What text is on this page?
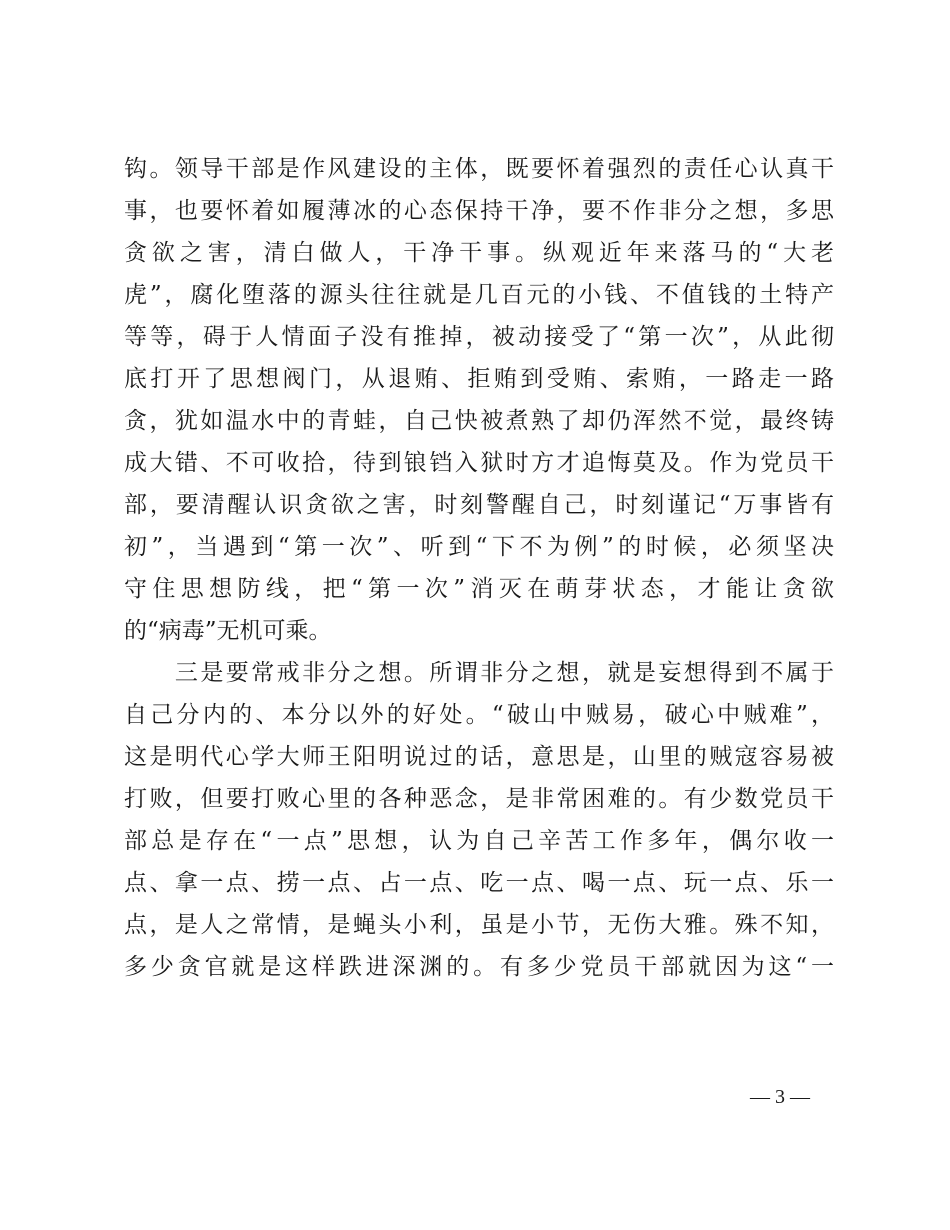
钩。领导干部是作风建设的主体，既要怀着强烈的责任心认真干
事，也要怀着如履薄冰的心态保持干净，要不作非分之想，多思
贪欲之害，清白做人，干净干事。纵观近年来落马的“大老
虎”，腐化堕落的源头往往就是几百元的小钱、不值钱的土特产
等等，碍于人情面子没有推掉，被动接受了“第一次”，从此彻
底打开了思想阀门，从退贿、拒贿到受贿、索贿，一路走一路
贪，犹如温水中的青蛙，自己快被煮熟了却仍浑然不觉，最终铸
成大错、不可收拾，待到锒铛入狱时方才追悔莫及。作为党员干
部，要清醒认识贪欲之害，时刻警醒自己，时刻谨记“万事皆有
初”，当遇到“第一次”、听到“下不为例”的时候，必须坚决
守住思想防线，把“第一次”消灭在萌芽状态，才能让贪欲
的“病毒”无机可乘。
　　三是要常戒非分之想。所谓非分之想，就是妄想得到不属于
自己分内的、本分以外的好处。“破山中贼易，破心中贼难”，
这是明代心学大师王阳明说过的话，意思是，山里的贼寇容易被
打败，但要打败心里的各种恶念，是非常困难的。有少数党员干
部总是存在“一点”思想，认为自己辛苦工作多年，偶尔收一
点、拿一点、捞一点、占一点、吃一点、喝一点、玩一点、乐一
点，是人之常情，是蝇头小利，虽是小节，无伤大雅。殊不知，
多少贪官就是这样跌进深渊的。有多少党员干部就因为这“一
— 3 —
